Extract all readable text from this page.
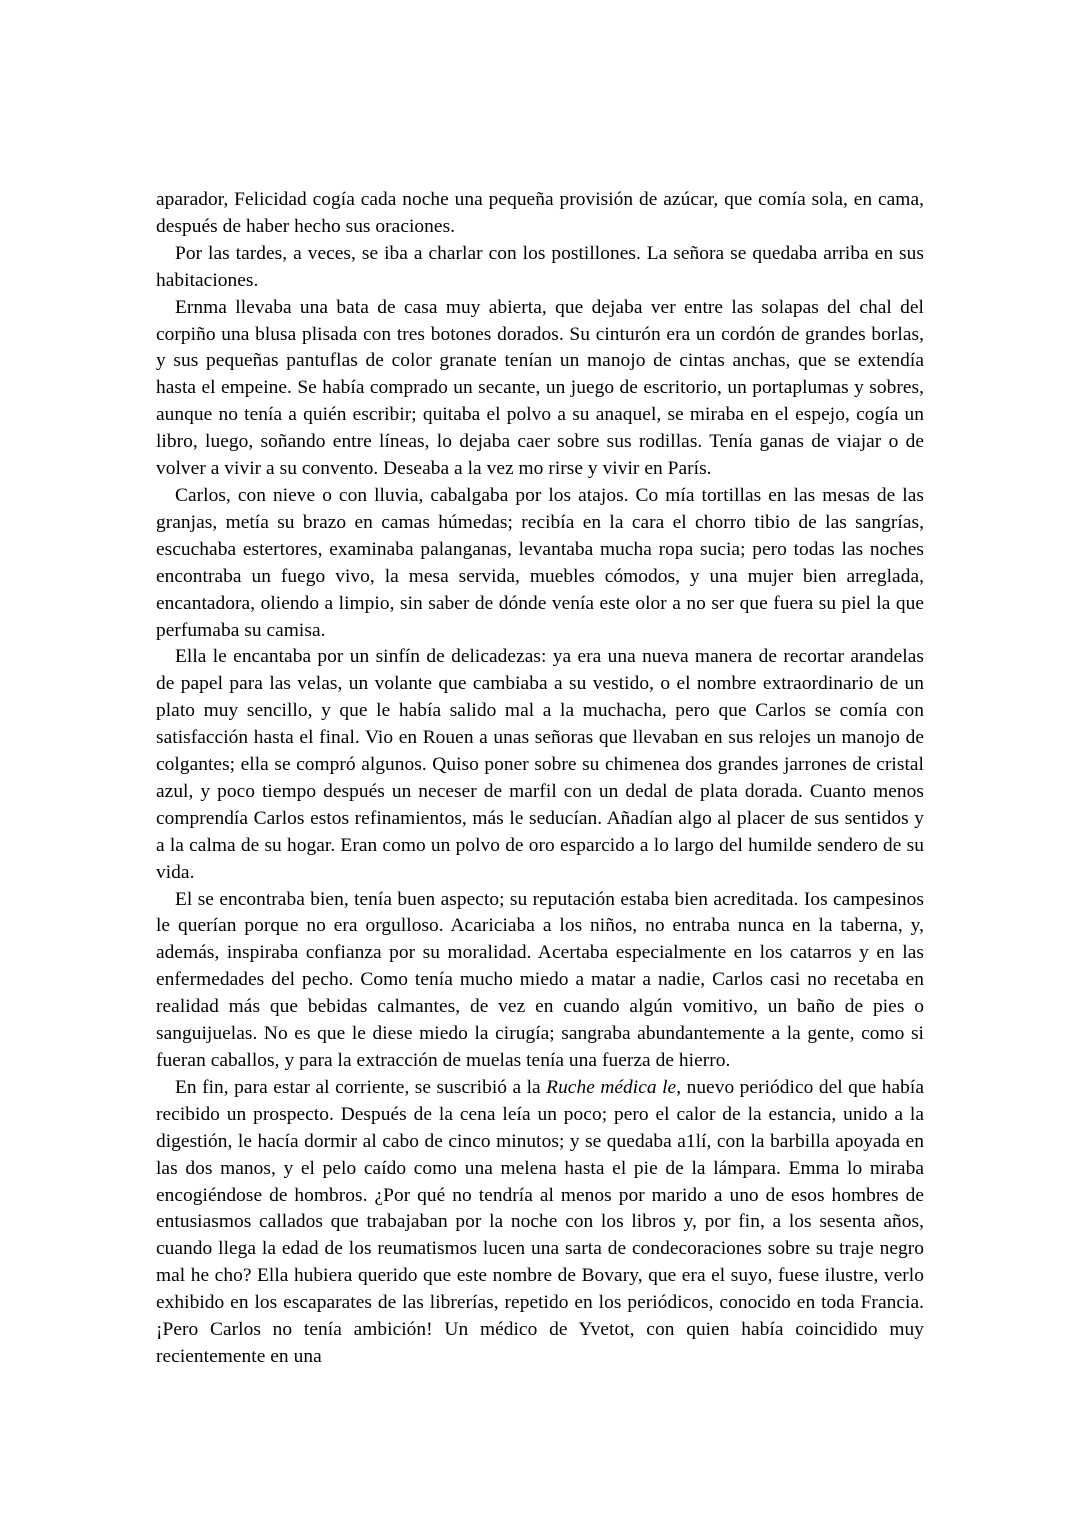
aparador, Felicidad cogía cada noche una pequeña provisión de azúcar, que comía sola, en cama, después de haber hecho sus oraciones.

Por las tardes, a veces, se iba a charlar con los postillones. La señora se quedaba arriba en sus habitaciones.

Ernma llevaba una bata de casa muy abierta, que dejaba ver entre las solapas del chal del corpiño una blusa plisada con tres botones dorados. Su cinturón era un cordón de grandes borlas, y sus pequeñas pantuflas de color granate tenían un manojo de cintas anchas, que se extendía hasta el empeine. Se había comprado un secante, un juego de escritorio, un portaplumas y sobres, aunque no tenía a quién escribir; quitaba el polvo a su anaquel, se miraba en el espejo, cogía un libro, luego, soñando entre líneas, lo dejaba caer sobre sus rodillas. Tenía ganas de viajar o de volver a vivir a su convento. Deseaba a la vez mo rirse y vivir en París.

Carlos, con nieve o con lluvia, cabalgaba por los atajos. Co mía tortillas en las mesas de las granjas, metía su brazo en camas húmedas; recibía en la cara el chorro tibio de las sangrías, escuchaba estertores, examinaba palanganas, levantaba mucha ropa sucia; pero todas las noches encontraba un fuego vivo, la mesa servida, muebles cómodos, y una mujer bien arreglada, encantadora, oliendo a limpio, sin saber de dónde venía este olor a no ser que fuera su piel la que perfumaba su camisa.

Ella le encantaba por un sinfín de delicadezas: ya era una nueva manera de recortar arandelas de papel para las velas, un volante que cambiaba a su vestido, o el nombre extraordinario de un plato muy sencillo, y que le había salido mal a la muchacha, pero que Carlos se comía con satisfacción hasta el final. Vio en Rouen a unas señoras que llevaban en sus relojes un manojo de colgantes; ella se compró algunos. Quiso poner sobre su chimenea dos grandes jarrones de cristal azul, y poco tiempo después un neceser de marfil con un dedal de plata dorada. Cuanto menos comprendía Carlos estos refinamientos, más le seducían. Añadían algo al placer de sus sentidos y a la calma de su hogar. Eran como un polvo de oro esparcido a lo largo del humilde sendero de su vida.

El se encontraba bien, tenía buen aspecto; su reputación estaba bien acreditada. Ios campesinos le querían porque no era orgulloso. Acariciaba a los niños, no entraba nunca en la taberna, y, además, inspiraba confianza por su moralidad. Acertaba especialmente en los catarros y en las enfermedades del pecho. Como tenía mucho miedo a matar a nadie, Carlos casi no recetaba en realidad más que bebidas calmantes, de vez en cuando algún vomitivo, un baño de pies o sanguijuelas. No es que le diese miedo la cirugía; sangraba abundantemente a la gente, como si fueran caballos, y para la extracción de muelas tenía una fuerza de hierro.

En fin, para estar al corriente, se suscribió a la Ruche médica le, nuevo periódico del que había recibido un prospecto. Después de la cena leía un poco; pero el calor de la estancia, unido a la digestión, le hacía dormir al cabo de cinco minutos; y se quedaba a1lí, con la barbilla apoyada en las dos manos, y el pelo caído como una melena hasta el pie de la lámpara. Emma lo miraba encogiéndose de hombros. ¿Por qué no tendría al menos por marido a uno de esos hombres de entusiasmos callados que trabajaban por la noche con los libros y, por fin, a los sesenta años, cuando llega la edad de los reumatismos lucen una sarta de condecoraciones sobre su traje negro mal he cho? Ella hubiera querido que este nombre de Bovary, que era el suyo, fuese ilustre, verlo exhibido en los escaparates de las librerías, repetido en los periódicos, conocido en toda Francia. ¡Pero Carlos no tenía ambición! Un médico de Yvetot, con quien había coincidido muy recientemente en una
